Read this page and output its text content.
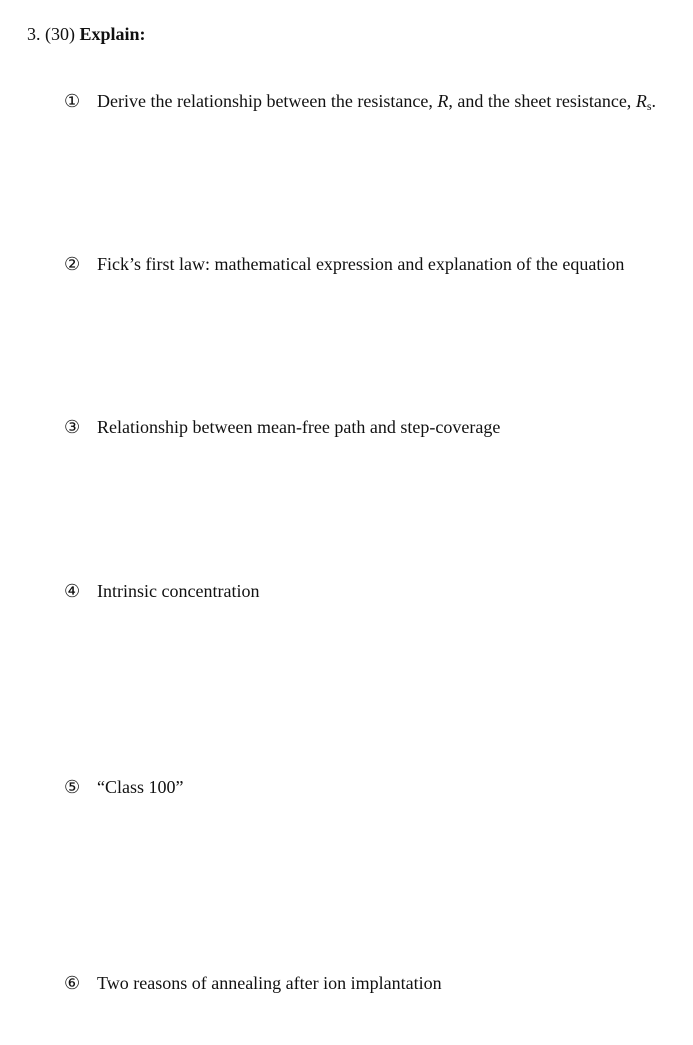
3. (30) Explain:
① Derive the relationship between the resistance, R, and the sheet resistance, $R_s$.
② Fick’s first law: mathematical expression and explanation of the equation
③ Relationship between mean-free path and step-coverage
④ Intrinsic concentration
⑤ “Class 100”
⑥ Two reasons of annealing after ion implantation
